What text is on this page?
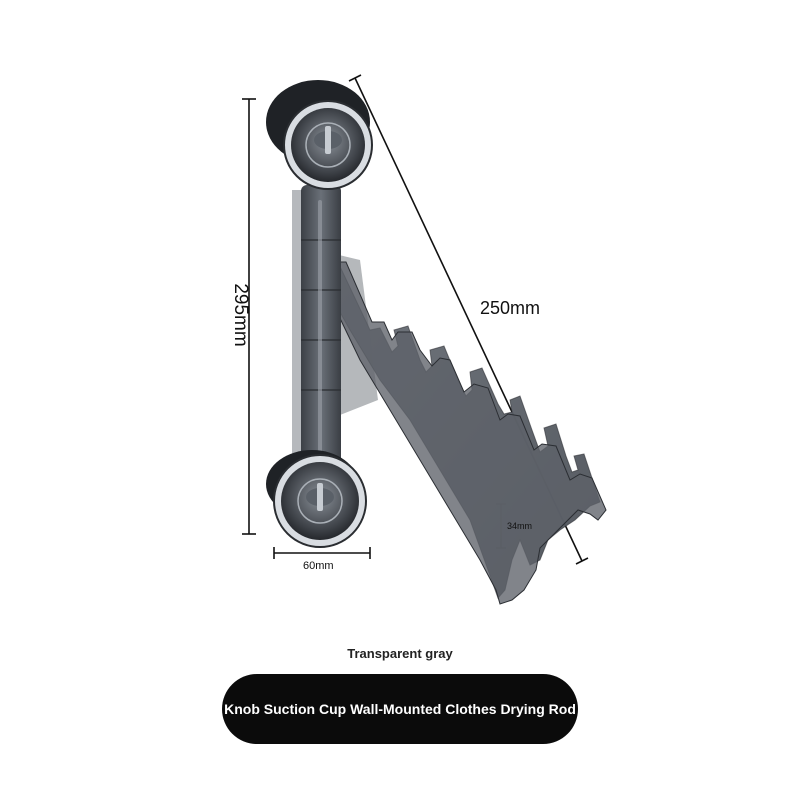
295mm	250mm
60mm
34mm
Transparent gray
Knob Suction Cup Wall-Mounted Clothes Drying Rod
